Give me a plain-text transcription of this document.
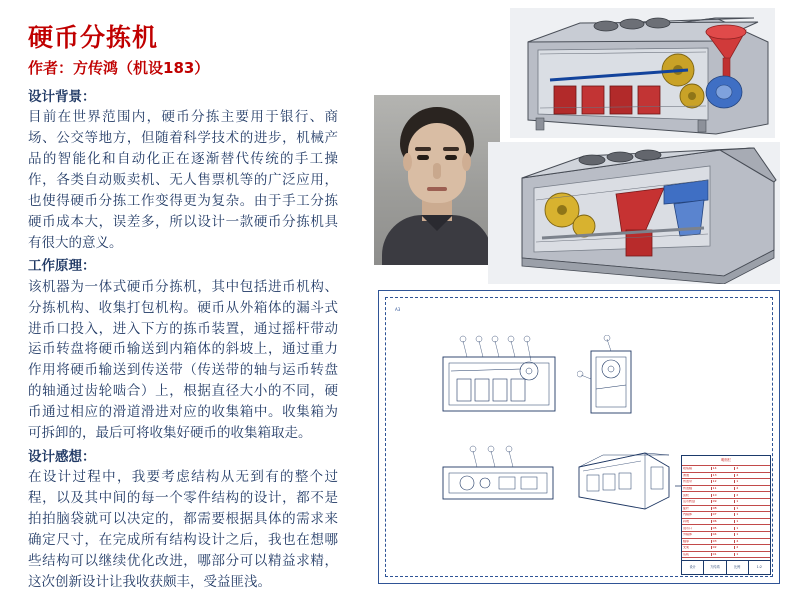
硬币分拣机
作者：方传鸿（机设183）
设计背景：
目前在世界范围内，硬币分拣主要用于银行、商场、公交等地方，但随着科学技术的进步，机械产品的智能化和自动化正在逐渐替代传统的手工操作，各类自动贩卖机、无人售票机等的广泛应用，也使得硬币分拣工作变得更为复杂。由于手工分拣硬币成本大，误差多，所以设计一款硬币分拣机具有很大的意义。
工作原理：
该机器为一体式硬币分拣机，其中包括进币机构、分拣机构、收集打包机构。硬币从外箱体的漏斗式进币口投入，进入下方的拣币装置，通过摇杆带动运币转盘将硬币输送到内箱体的斜坡上，通过重力作用将硬币输送到传送带（传送带的轴与运币转盘的轴通过齿轮啮合）上，根据直径大小的不同，硬币通过相应的滑道滑进对应的收集箱中。收集箱为可拆卸的，最后可将收集好硬币的收集箱取走。
设计感想：
在设计过程中，我要考虑结构从无到有的整个过程，以及其中间的每一个零件结构的设计，都不是拍拍脑袋就可以决定的，都需要根据具体的需求来确定尺寸，在完成所有结构设计之后，我也在想哪些结构可以继续优化改进，哪部分可以精益求精，这次创新设计让我收获颇丰，受益匪浅。
A3
明细栏
收集箱	14	4
滑道	13	4
传送带	12	1
传送轴	11	2
齿轮	10	2
运币转盘	09	1
摇杆	08	1
内箱体	07	1
斜坡	06	1
进币口	05	1
外箱体	04	1
轴承	03	4
支架	02	2
底板	01	1
设计	方传鸿	比例	1:2
